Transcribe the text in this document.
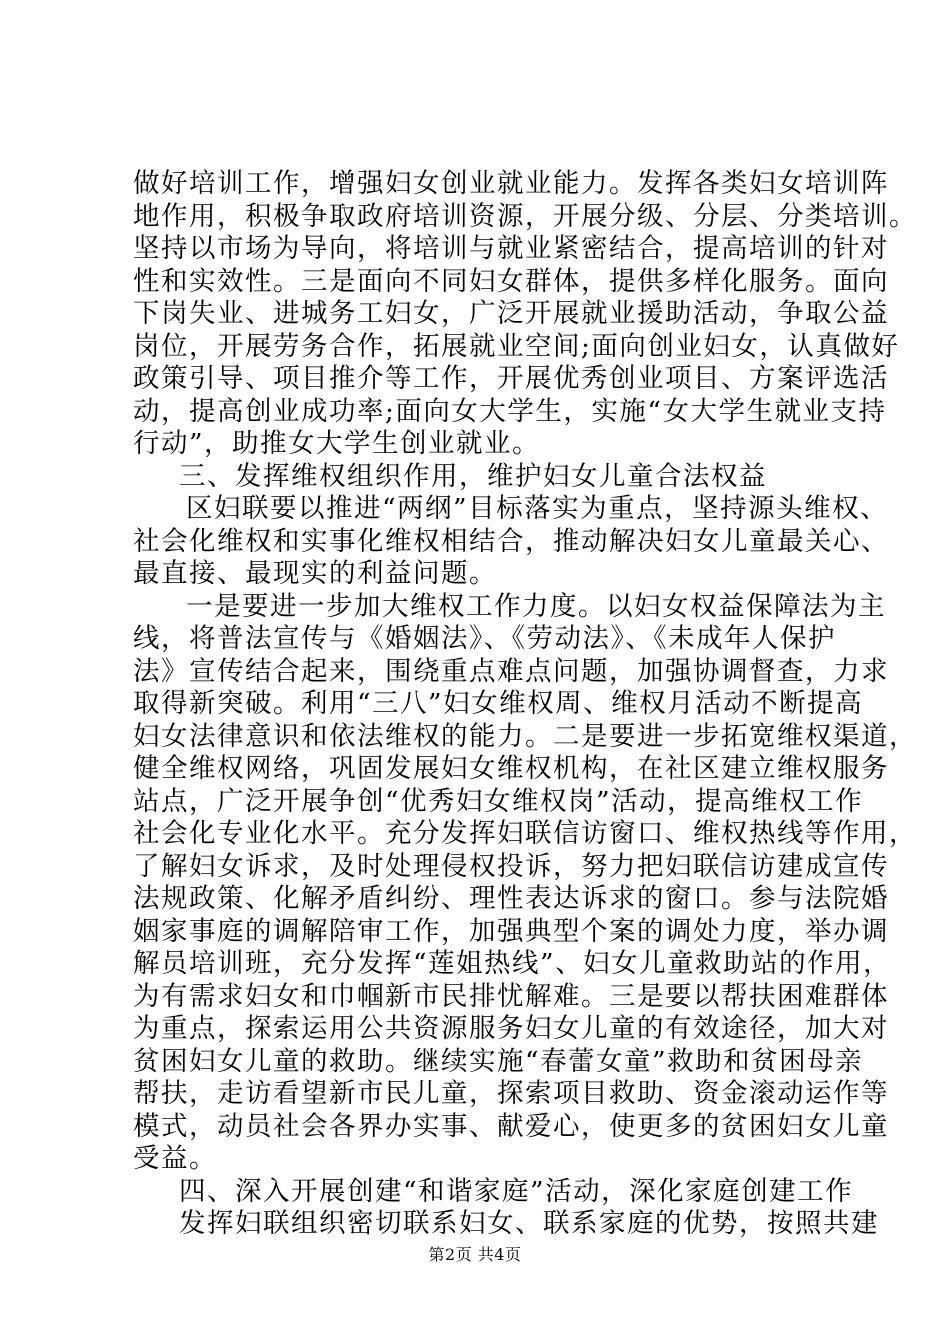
做好培训工作，增强妇女创业就业能力。发挥各类妇女培训阵
地作用，积极争取政府培训资源，开展分级、分层、分类培训。
坚持以市场为导向，将培训与就业紧密结合，提高培训的针对
性和实效性。三是面向不同妇女群体，提供多样化服务。面向
下岗失业、进城务工妇女，广泛开展就业援助活动，争取公益
岗位，开展劳务合作，拓展就业空间;面向创业妇女，认真做好
政策引导、项目推介等工作，开展优秀创业项目、方案评选活
动，提高创业成功率;面向女大学生，实施“女大学生就业支持
行动”，助推女大学生创业就业。

三、发挥维权组织作用，维护妇女儿童合法权益

区妇联要以推进“两纲”目标落实为重点，坚持源头维权、
社会化维权和实事化维权相结合，推动解决妇女儿童最关心、
最直接、最现实的利益问题。

一是要进一步加大维权工作力度。以妇女权益保障法为主
线，将普法宣传与《婚姻法》、《劳动法》、《未成年人保护
法》宣传结合起来，围绕重点难点问题，加强协调督查，力求
取得新突破。利用“三八”妇女维权周、维权月活动不断提高
妇女法律意识和依法维权的能力。二是要进一步拓宽维权渠道，
健全维权网络，巩固发展妇女维权机构，在社区建立维权服务
站点，广泛开展争创“优秀妇女维权岗”活动，提高维权工作
社会化专业化水平。充分发挥妇联信访窗口、维权热线等作用，
了解妇女诉求，及时处理侵权投诉，努力把妇联信访建成宣传
法规政策、化解矛盾纠纷、理性表达诉求的窗口。参与法院婚
姻家事庭的调解陪审工作，加强典型个案的调处力度，举办调
解员培训班，充分发挥“莲姐热线”、妇女儿童救助站的作用，
为有需求妇女和巾帼新市民排忧解难。三是要以帮扶困难群体
为重点，探索运用公共资源服务妇女儿童的有效途径，加大对
贫困妇女儿童的救助。继续实施“春蕾女童”救助和贫困母亲
帮扶，走访看望新市民儿童，探索项目救助、资金滚动运作等
模式，动员社会各界办实事、献爱心，使更多的贫困妇女儿童
受益。

四、深入开展创建“和谐家庭”活动，深化家庭创建工作

发挥妇联组织密切联系妇女、联系家庭的优势，按照共建

第2页 共4页
